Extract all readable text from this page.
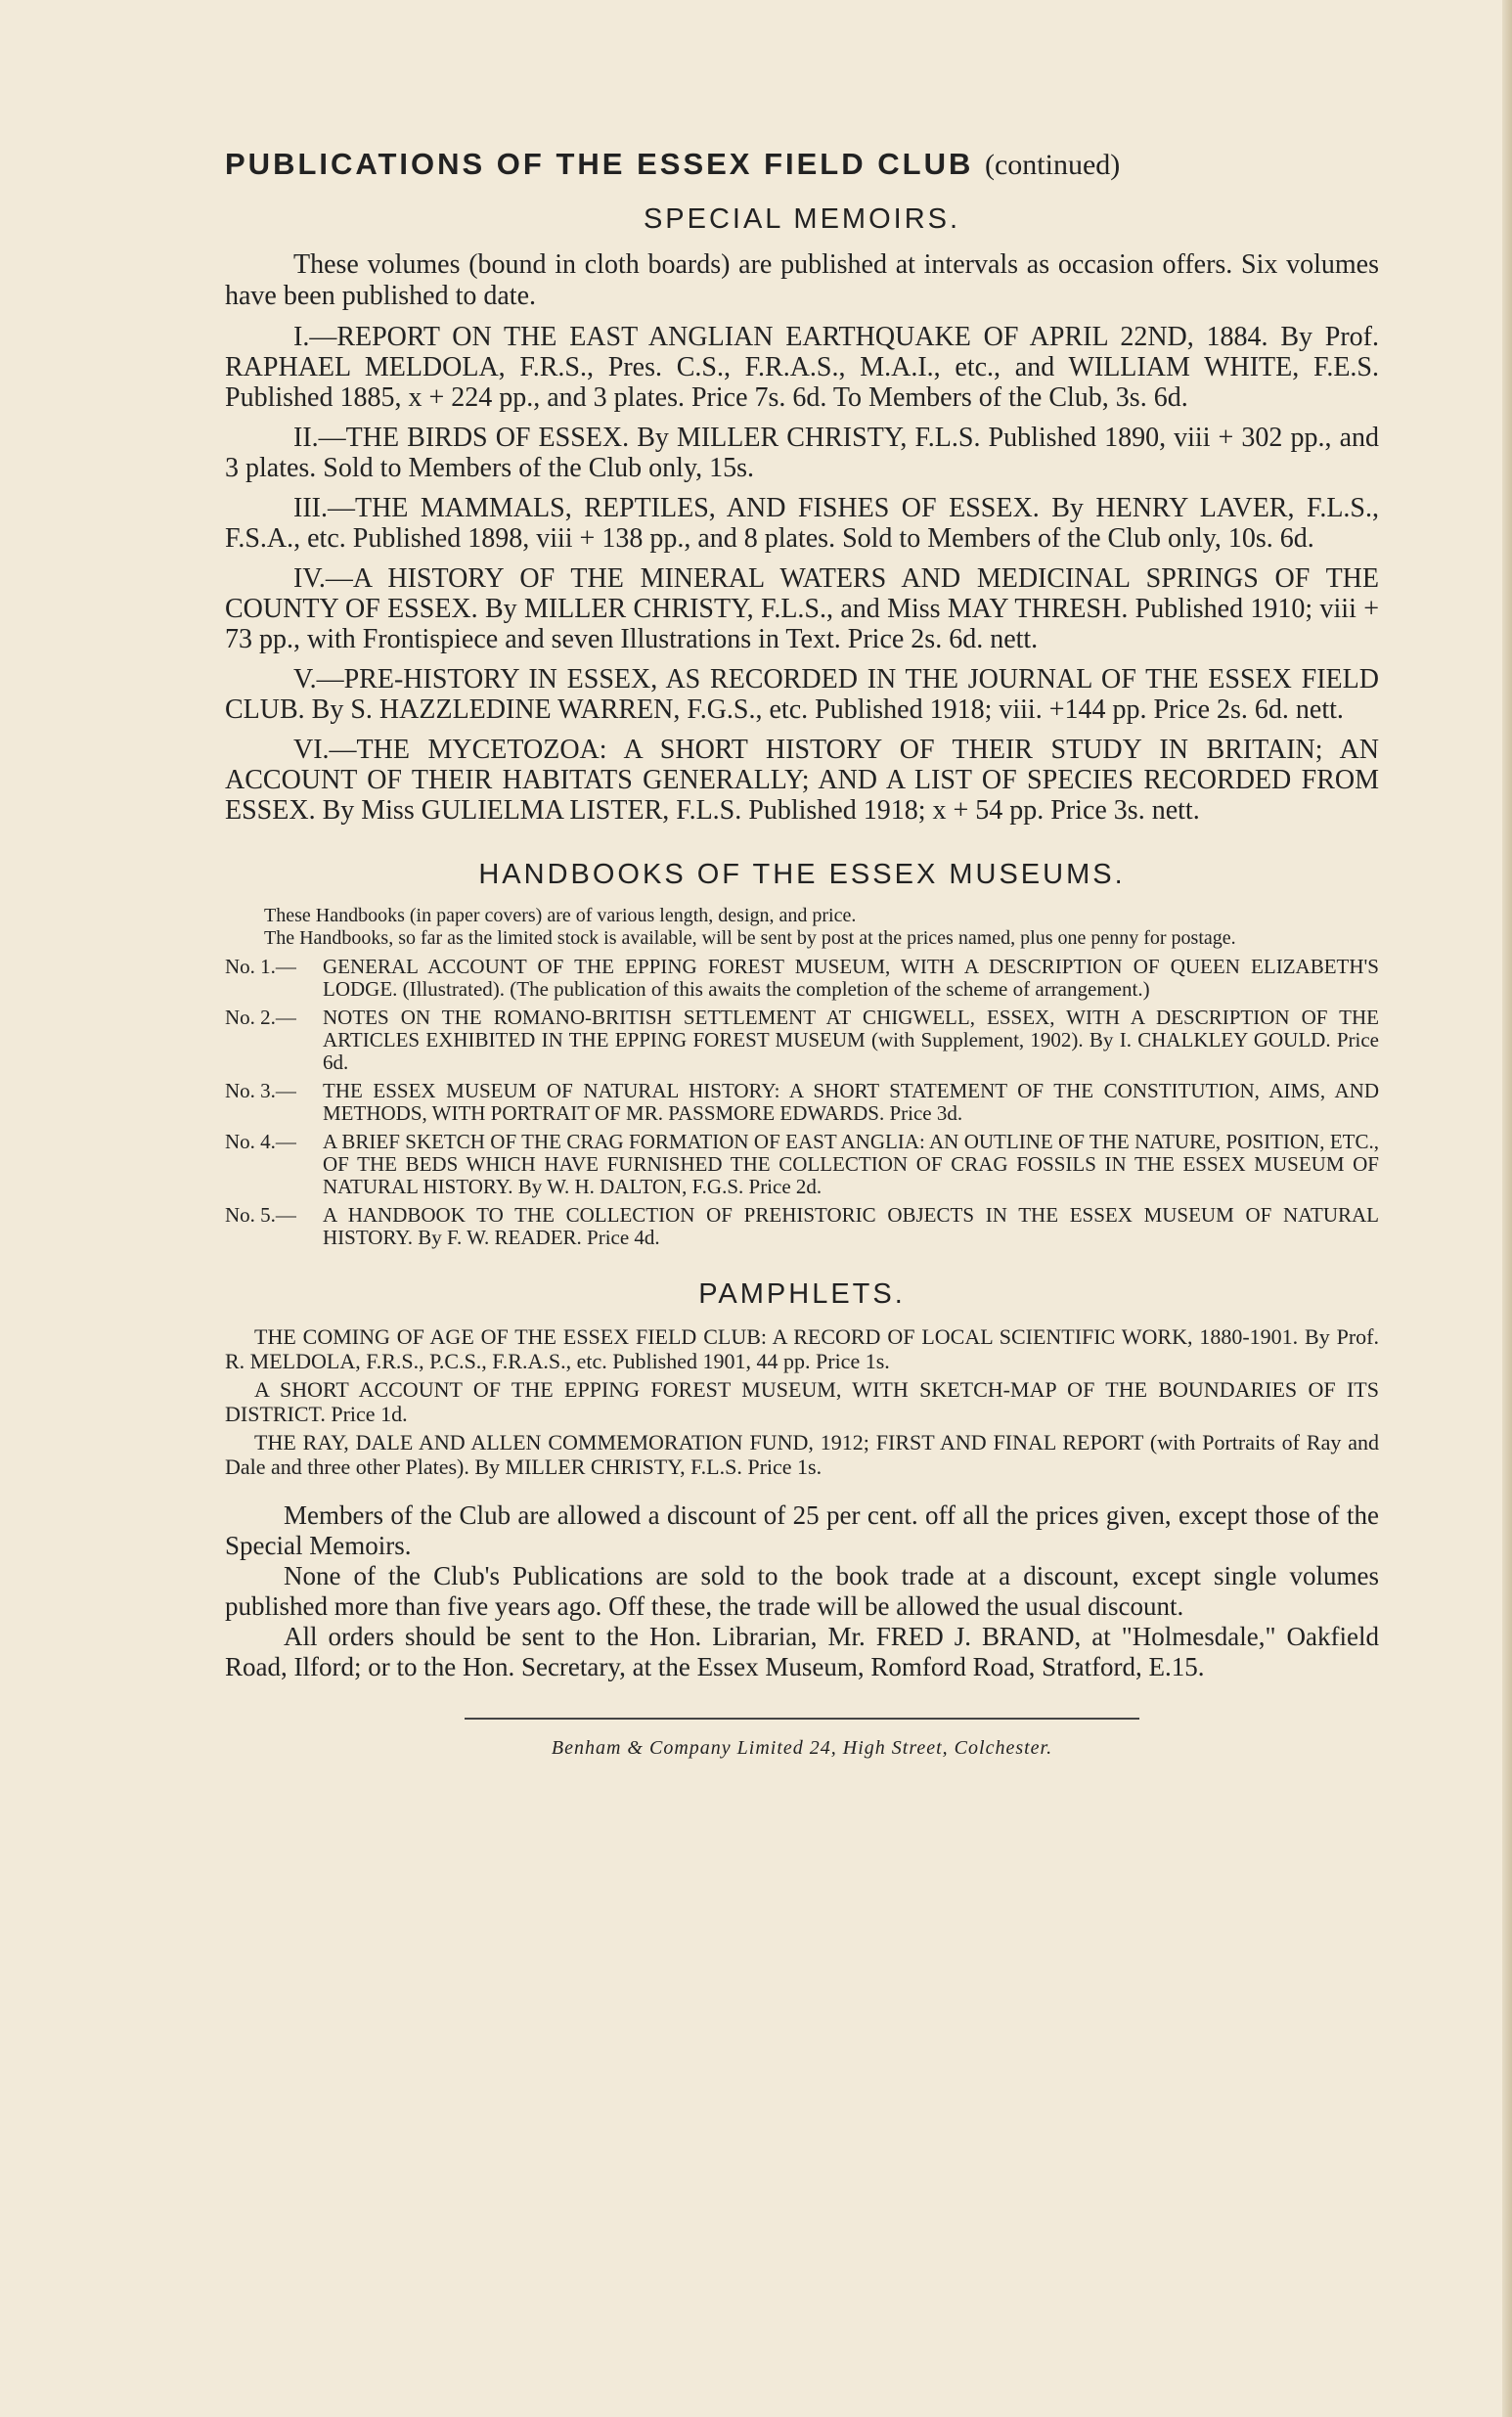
PUBLICATIONS OF THE ESSEX FIELD CLUB (continued)
SPECIAL MEMOIRS.

These volumes (bound in cloth boards) are published at intervals as occasion offers. Six volumes have been published to date.

I.—REPORT ON THE EAST ANGLIAN EARTHQUAKE OF APRIL 22ND, 1884. By Prof. RAPHAEL MELDOLA, F.R.S., Pres. C.S., F.R.A.S., M.A.I., etc., and WILLIAM WHITE, F.E.S. Published 1885, x + 224 pp., and 3 plates. Price 7s. 6d. To Members of the Club, 3s. 6d.

II.—THE BIRDS OF ESSEX. By MILLER CHRISTY, F.L.S. Published 1890, viii + 302 pp., and 3 plates. Sold to Members of the Club only, 15s.

III.—THE MAMMALS, REPTILES, AND FISHES OF ESSEX. By HENRY LAVER, F.L.S., F.S.A., etc. Published 1898, viii + 138 pp., and 8 plates. Sold to Members of the Club only, 10s. 6d.

IV.—A HISTORY OF THE MINERAL WATERS AND MEDICINAL SPRINGS OF THE COUNTY OF ESSEX. By MILLER CHRISTY, F.L.S., and Miss MAY THRESH. Published 1910; viii + 73 pp., with Frontispiece and seven Illustrations in Text. Price 2s. 6d. nett.

V.—PRE-HISTORY IN ESSEX, AS RECORDED IN THE JOURNAL OF THE ESSEX FIELD CLUB. By S. HAZZLEDINE WARREN, F.G.S., etc. Published 1918; viii. +144 pp. Price 2s. 6d. nett.

VI.—THE MYCETOZOA: A SHORT HISTORY OF THEIR STUDY IN BRITAIN; AN ACCOUNT OF THEIR HABITATS GENERALLY; AND A LIST OF SPECIES RECORDED FROM ESSEX. By Miss GULIELMA LISTER, F.L.S. Published 1918; x + 54 pp. Price 3s. nett.

HANDBOOKS OF THE ESSEX MUSEUMS.

These Handbooks (in paper covers) are of various length, design, and price.

The Handbooks, so far as the limited stock is available, will be sent by post at the prices named, plus one penny for postage.

No. 1.—	GENERAL ACCOUNT OF THE EPPING FOREST MUSEUM, WITH A DESCRIPTION OF QUEEN ELIZABETH'S LODGE. (Illustrated). (The publication of this awaits the completion of the scheme of arrangement.)
No. 2.—	NOTES ON THE ROMANO-BRITISH SETTLEMENT AT CHIGWELL, ESSEX, WITH A DESCRIPTION OF THE ARTICLES EXHIBITED IN THE EPPING FOREST MUSEUM (with Supplement, 1902). By I. CHALKLEY GOULD. Price 6d.
No. 3.—	THE ESSEX MUSEUM OF NATURAL HISTORY: A SHORT STATEMENT OF THE CONSTITUTION, AIMS, AND METHODS, WITH PORTRAIT OF MR. PASSMORE EDWARDS. Price 3d.
No. 4.—	A BRIEF SKETCH OF THE CRAG FORMATION OF EAST ANGLIA: AN OUTLINE OF THE NATURE, POSITION, ETC., OF THE BEDS WHICH HAVE FURNISHED THE COLLECTION OF CRAG FOSSILS IN THE ESSEX MUSEUM OF NATURAL HISTORY. By W. H. DALTON, F.G.S. Price 2d.
No. 5.—	A HANDBOOK TO THE COLLECTION OF PREHISTORIC OBJECTS IN THE ESSEX MUSEUM OF NATURAL HISTORY. By F. W. READER. Price 4d.
PAMPHLETS.

THE COMING OF AGE OF THE ESSEX FIELD CLUB: A RECORD OF LOCAL SCIENTIFIC WORK, 1880-1901. By Prof. R. MELDOLA, F.R.S., P.C.S., F.R.A.S., etc. Published 1901, 44 pp. Price 1s.

A SHORT ACCOUNT OF THE EPPING FOREST MUSEUM, WITH SKETCH-MAP OF THE BOUNDARIES OF ITS DISTRICT. Price 1d.

THE RAY, DALE AND ALLEN COMMEMORATION FUND, 1912; FIRST AND FINAL REPORT (with Portraits of Ray and Dale and three other Plates). By MILLER CHRISTY, F.L.S. Price 1s.

Members of the Club are allowed a discount of 25 per cent. off all the prices given, except those of the Special Memoirs.

None of the Club's Publications are sold to the book trade at a discount, except single volumes published more than five years ago. Off these, the trade will be allowed the usual discount.

All orders should be sent to the Hon. Librarian, Mr. FRED J. BRAND, at "Holmesdale," Oakfield Road, Ilford; or to the Hon. Secretary, at the Essex Museum, Romford Road, Stratford, E.15.

Benham & Company Limited 24, High Street, Colchester.
